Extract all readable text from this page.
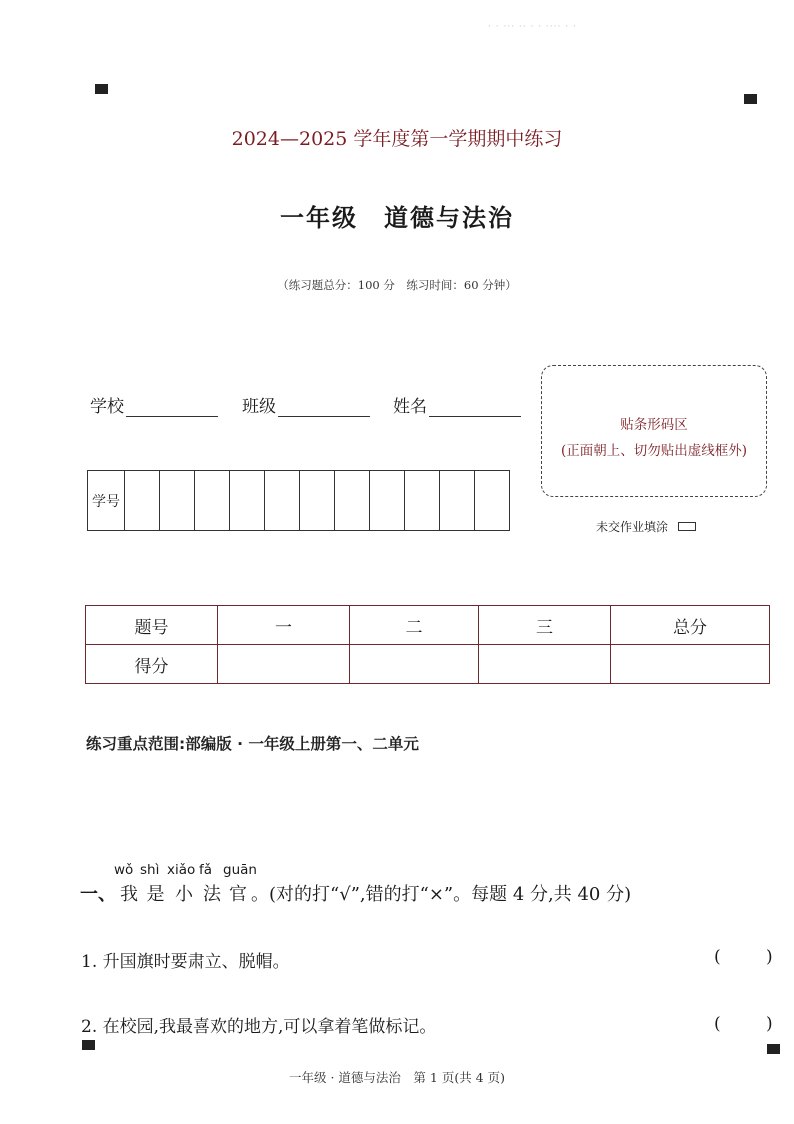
· · ··· ·· · · ···· · ·
2024—2025 学年度第一学期期中练习
一年级 道德与法治
（练习题总分：100 分　练习时间：60 分钟）
学校	班级	姓名
贴条形码区
(正面朝上、切勿贴出虚线框外)
学号											
未交作业填涂
题号	一	二	三	总分
得分				
练习重点范围:部编版 · 一年级上册第一、二单元
wǒ shì xiǎo fǎ guān
一、 我 是 小 法 官 。(对的打“√”,错的打“×”。每题 4 分,共 40 分)
1. 升国旗时要肃立、脱帽。	(	)
2. 在校园,我最喜欢的地方,可以拿着笔做标记。	(	)
一年级 · 道德与法治　第 1 页(共 4 页)
